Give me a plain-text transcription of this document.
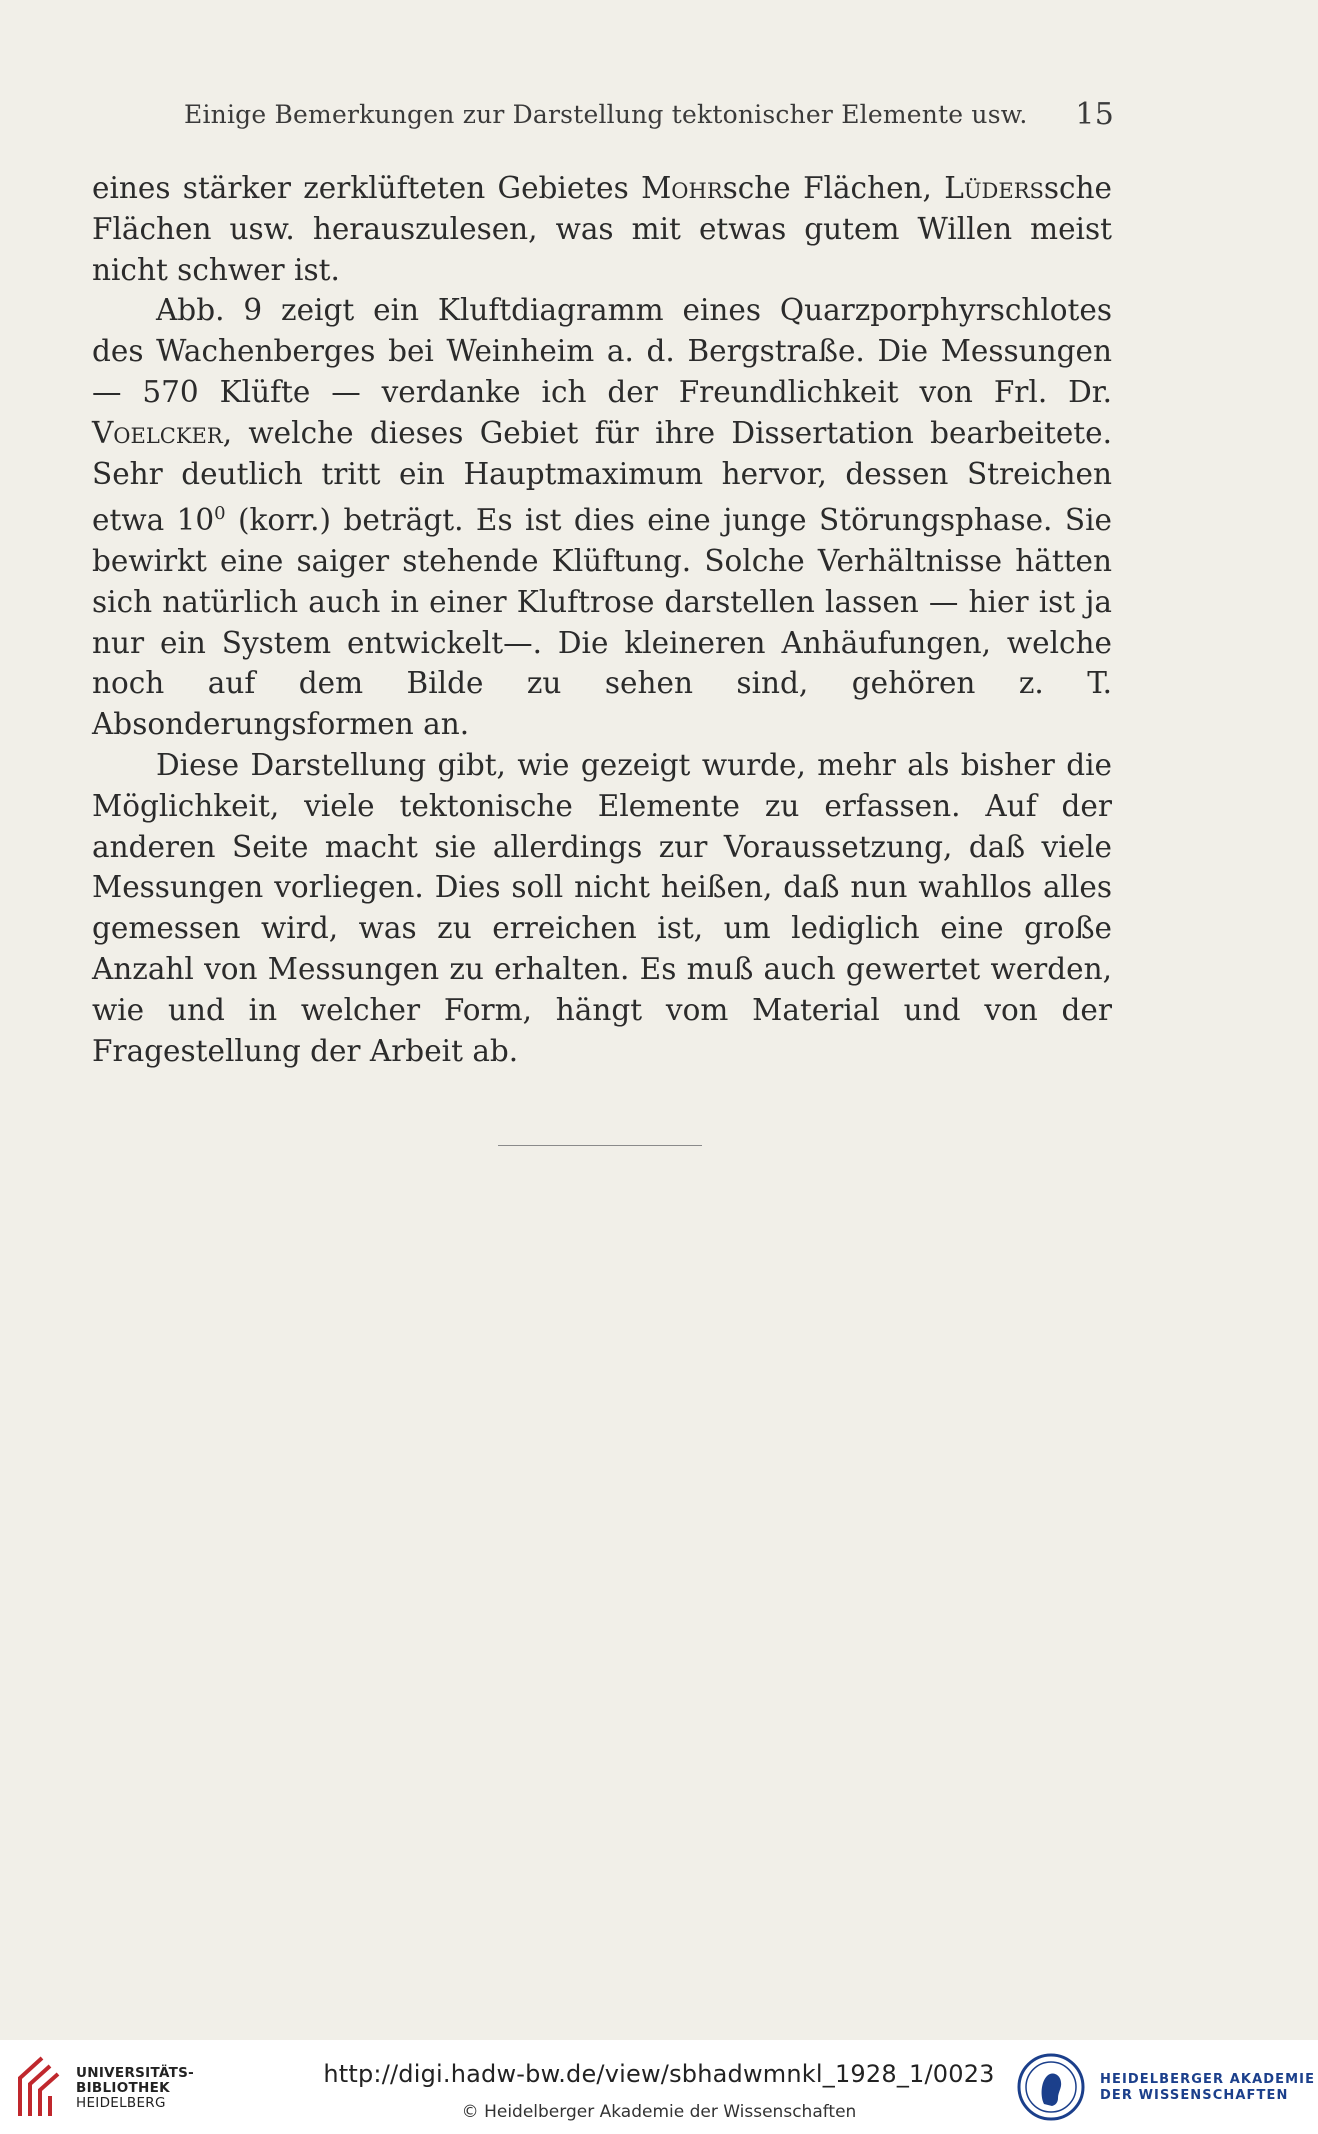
Einige Bemerkungen zur Darstellung tektonischer Elemente usw. 15

eines stärker zerklüfteten Gebietes Mohrsche Flächen, Lüderssche Flächen usw. herauszulesen, was mit etwas gutem Willen meist nicht schwer ist.

Abb. 9 zeigt ein Kluftdiagramm eines Quarzporphyrschlotes des Wachenberges bei Weinheim a. d. Bergstraße. Die Messungen — 570 Klüfte — verdanke ich der Freundlichkeit von Frl. Dr. Voelcker, welche dieses Gebiet für ihre Dissertation bearbeitete. Sehr deutlich tritt ein Hauptmaximum hervor, dessen Streichen etwa $10^0$ (korr.) beträgt. Es ist dies eine junge Störungsphase. Sie bewirkt eine saiger stehende Klüftung. Solche Verhältnisse hätten sich natürlich auch in einer Kluftrose darstellen lassen — hier ist ja nur ein System entwickelt—. Die kleineren Anhäufungen, welche noch auf dem Bilde zu sehen sind, gehören z. T. Absonderungsformen an.

Diese Darstellung gibt, wie gezeigt wurde, mehr als bisher die Möglichkeit, viele tektonische Elemente zu erfassen. Auf der anderen Seite macht sie allerdings zur Voraussetzung, daß viele Messungen vorliegen. Dies soll nicht heißen, daß nun wahllos alles gemessen wird, was zu erreichen ist, um lediglich eine große Anzahl von Messungen zu erhalten. Es muß auch gewertet werden, wie und in welcher Form, hängt vom Material und von der Fragestellung der Arbeit ab.

UNIVERSITÄTS-
BIBLIOTHEK
HEIDELBERG
http://digi.hadw-bw.de/view/sbhadwmnkl_1928_1/0023
© Heidelberger Akademie der Wissenschaften
HEIDELBERGER AKADEMIE
DER WISSENSCHAFTEN
